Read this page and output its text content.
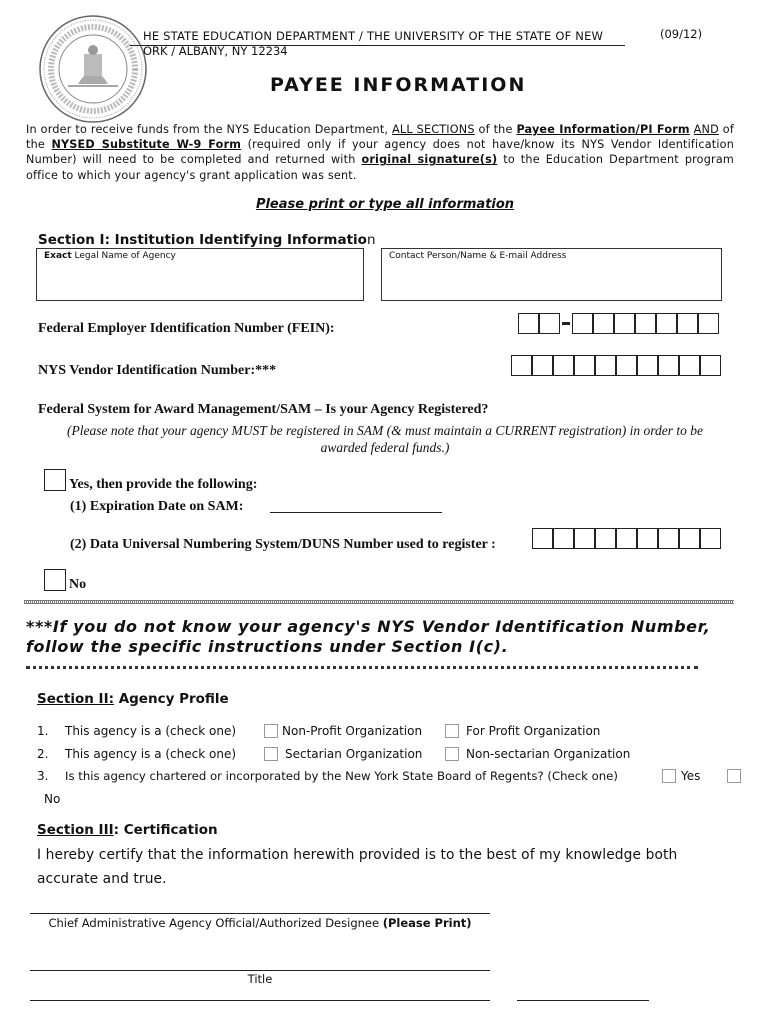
HE STATE EDUCATION DEPARTMENT / THE UNIVERSITY OF THE STATE OF NEW
ORK / ALBANY, NY 12234
(09/12)
PAYEE INFORMATION
In order to receive funds from the NYS Education Department, ALL SECTIONS of the Payee Information/PI Form AND of the NYSED Substitute W-9 Form (required only if your agency does not have/know its NYS Vendor Identification Number) will need to be completed and returned with original signature(s) to the Education Department program office to which your agency's grant application was sent.
Please print or type all information
Section I: Institution Identifying Information
Exact Legal Name of Agency	Contact Person/Name & E-mail Address
Federal Employer Identification Number (FEIN):
NYS Vendor Identification Number:***
Federal System for Award Management/SAM – Is your Agency Registered?
(Please note that your agency MUST be registered in SAM (& must maintain a CURRENT registration) in order to be awarded federal funds.)
Yes, then provide the following:
(1) Expiration Date on SAM:
(2) Data Universal Numbering System/DUNS Number used to register :
No
***If you do not know your agency's NYS Vendor Identification Number, follow the specific instructions under Section I(c).
Section II: Agency Profile
1. This agency is a (check one)	Non-Profit Organization	For Profit Organization
2. This agency is a (check one)	Sectarian Organization	Non-sectarian Organization
3. Is this agency chartered or incorporated by the New York State Board of Regents? (Check one)	Yes
No
Section III: Certification
I hereby certify that the information herewith provided is to the best of my knowledge both accurate and true.
Chief Administrative Agency Official/Authorized Designee (Please Print)
Title
